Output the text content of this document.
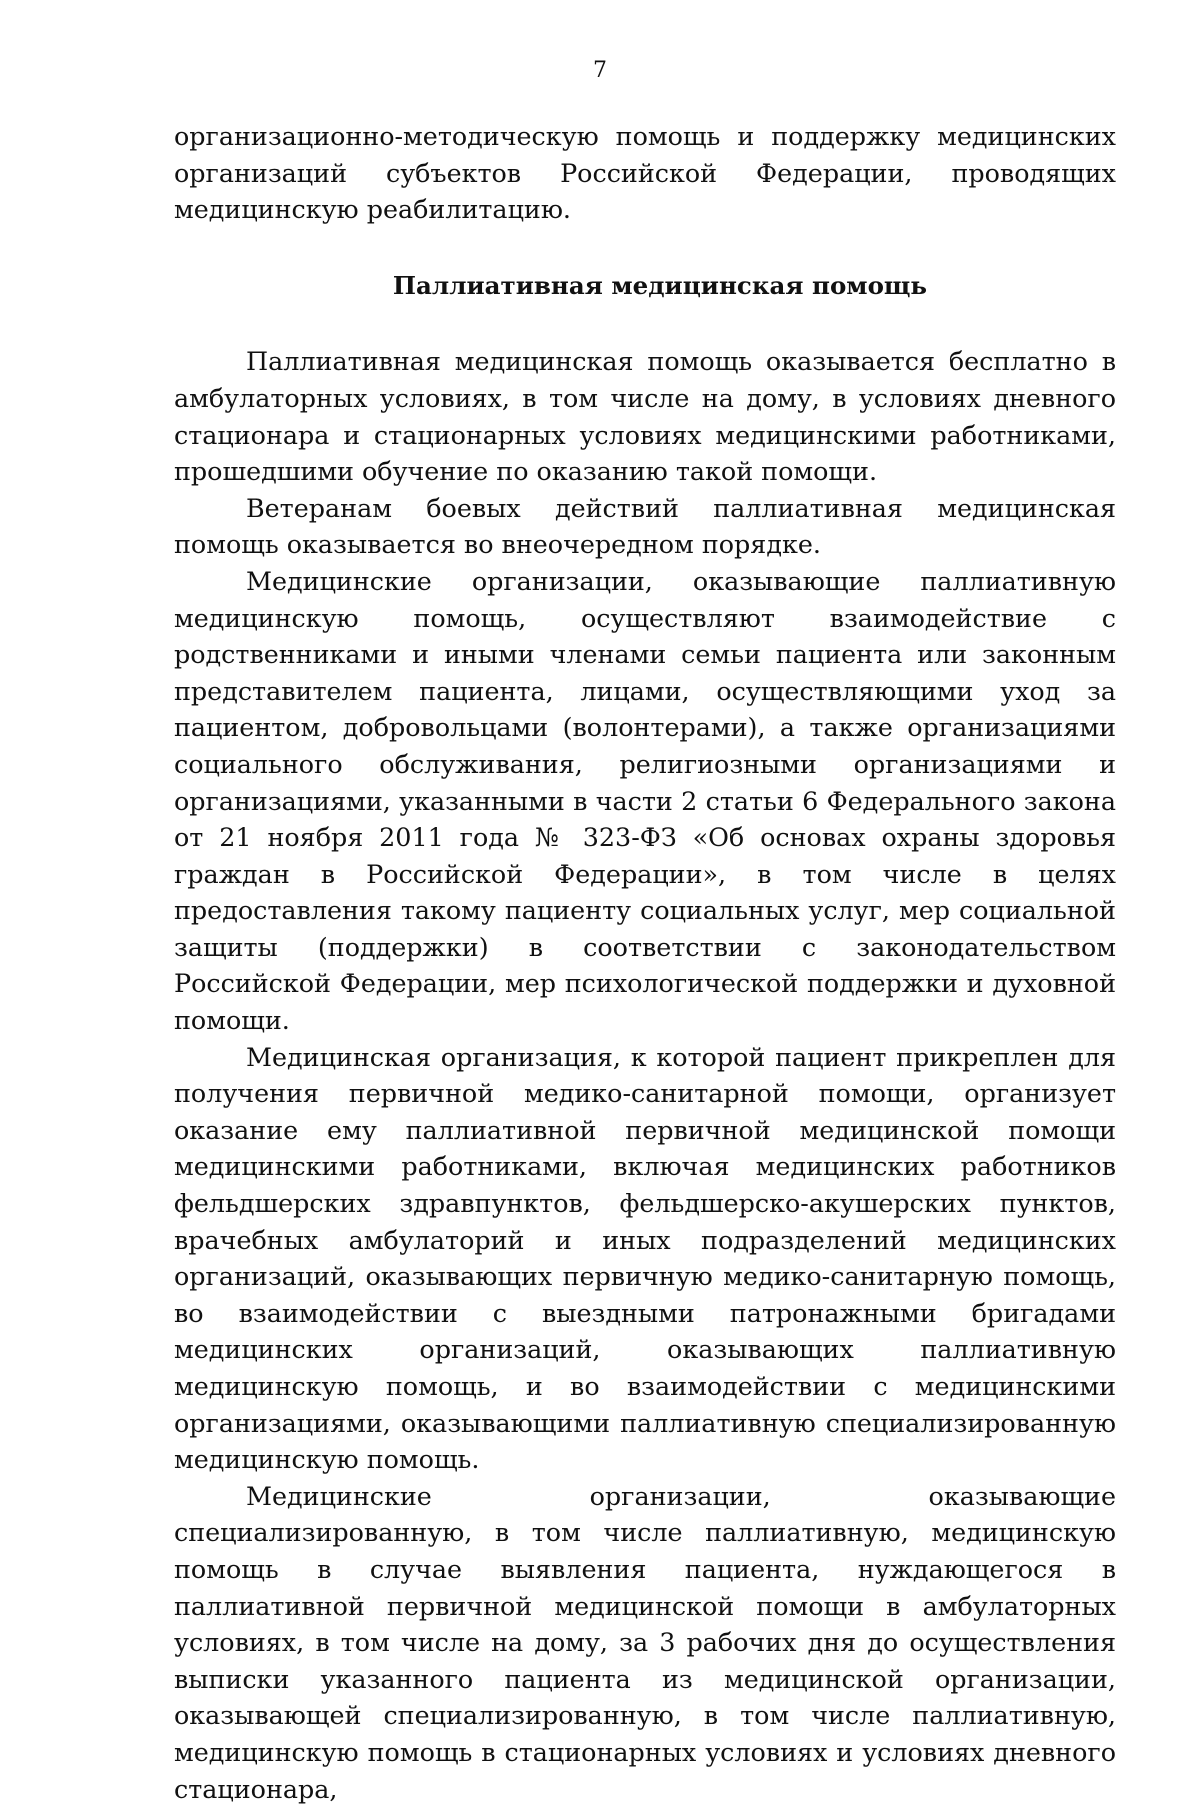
7

организационно-методическую помощь и поддержку медицинских организаций субъектов Российской Федерации, проводящих медицинскую реабилитацию.

Паллиативная медицинская помощь

Паллиативная медицинская помощь оказывается бесплатно в амбулаторных условиях, в том числе на дому, в условиях дневного стационара и стационарных условиях медицинскими работниками, прошедшими обучение по оказанию такой помощи.

Ветеранам боевых действий паллиативная медицинская помощь оказывается во внеочередном порядке.

Медицинские организации, оказывающие паллиативную медицинскую помощь, осуществляют взаимодействие с родственниками и иными членами семьи пациента или законным представителем пациента, лицами, осуществляющими уход за пациентом, добровольцами (волонтерами), а также организациями социального обслуживания, религиозными организациями и организациями, указанными в части 2 статьи 6 Федерального закона от 21 ноября 2011 года № 323-ФЗ «Об основах охраны здоровья граждан в Российской Федерации», в том числе в целях предоставления такому пациенту социальных услуг, мер социальной защиты (поддержки) в соответствии с законодательством Российской Федерации, мер психологической поддержки и духовной помощи.

Медицинская организация, к которой пациент прикреплен для получения первичной медико-санитарной помощи, организует оказание ему паллиативной первичной медицинской помощи медицинскими работниками, включая медицинских работников фельдшерских здравпунктов, фельдшерско-акушерских пунктов, врачебных амбулаторий и иных подразделений медицинских организаций, оказывающих первичную медико-санитарную помощь, во взаимодействии с выездными патронажными бригадами медицинских организаций, оказывающих паллиативную медицинскую помощь, и во взаимодействии с медицинскими организациями, оказывающими паллиативную специализированную медицинскую помощь.

Медицинские организации, оказывающие специализированную, в том числе паллиативную, медицинскую помощь в случае выявления пациента, нуждающегося в паллиативной первичной медицинской помощи в амбулаторных условиях, в том числе на дому, за 3 рабочих дня до осуществления выписки указанного пациента из медицинской организации, оказывающей специализированную, в том числе паллиативную, медицинскую помощь в стационарных условиях и условиях дневного стационара,
